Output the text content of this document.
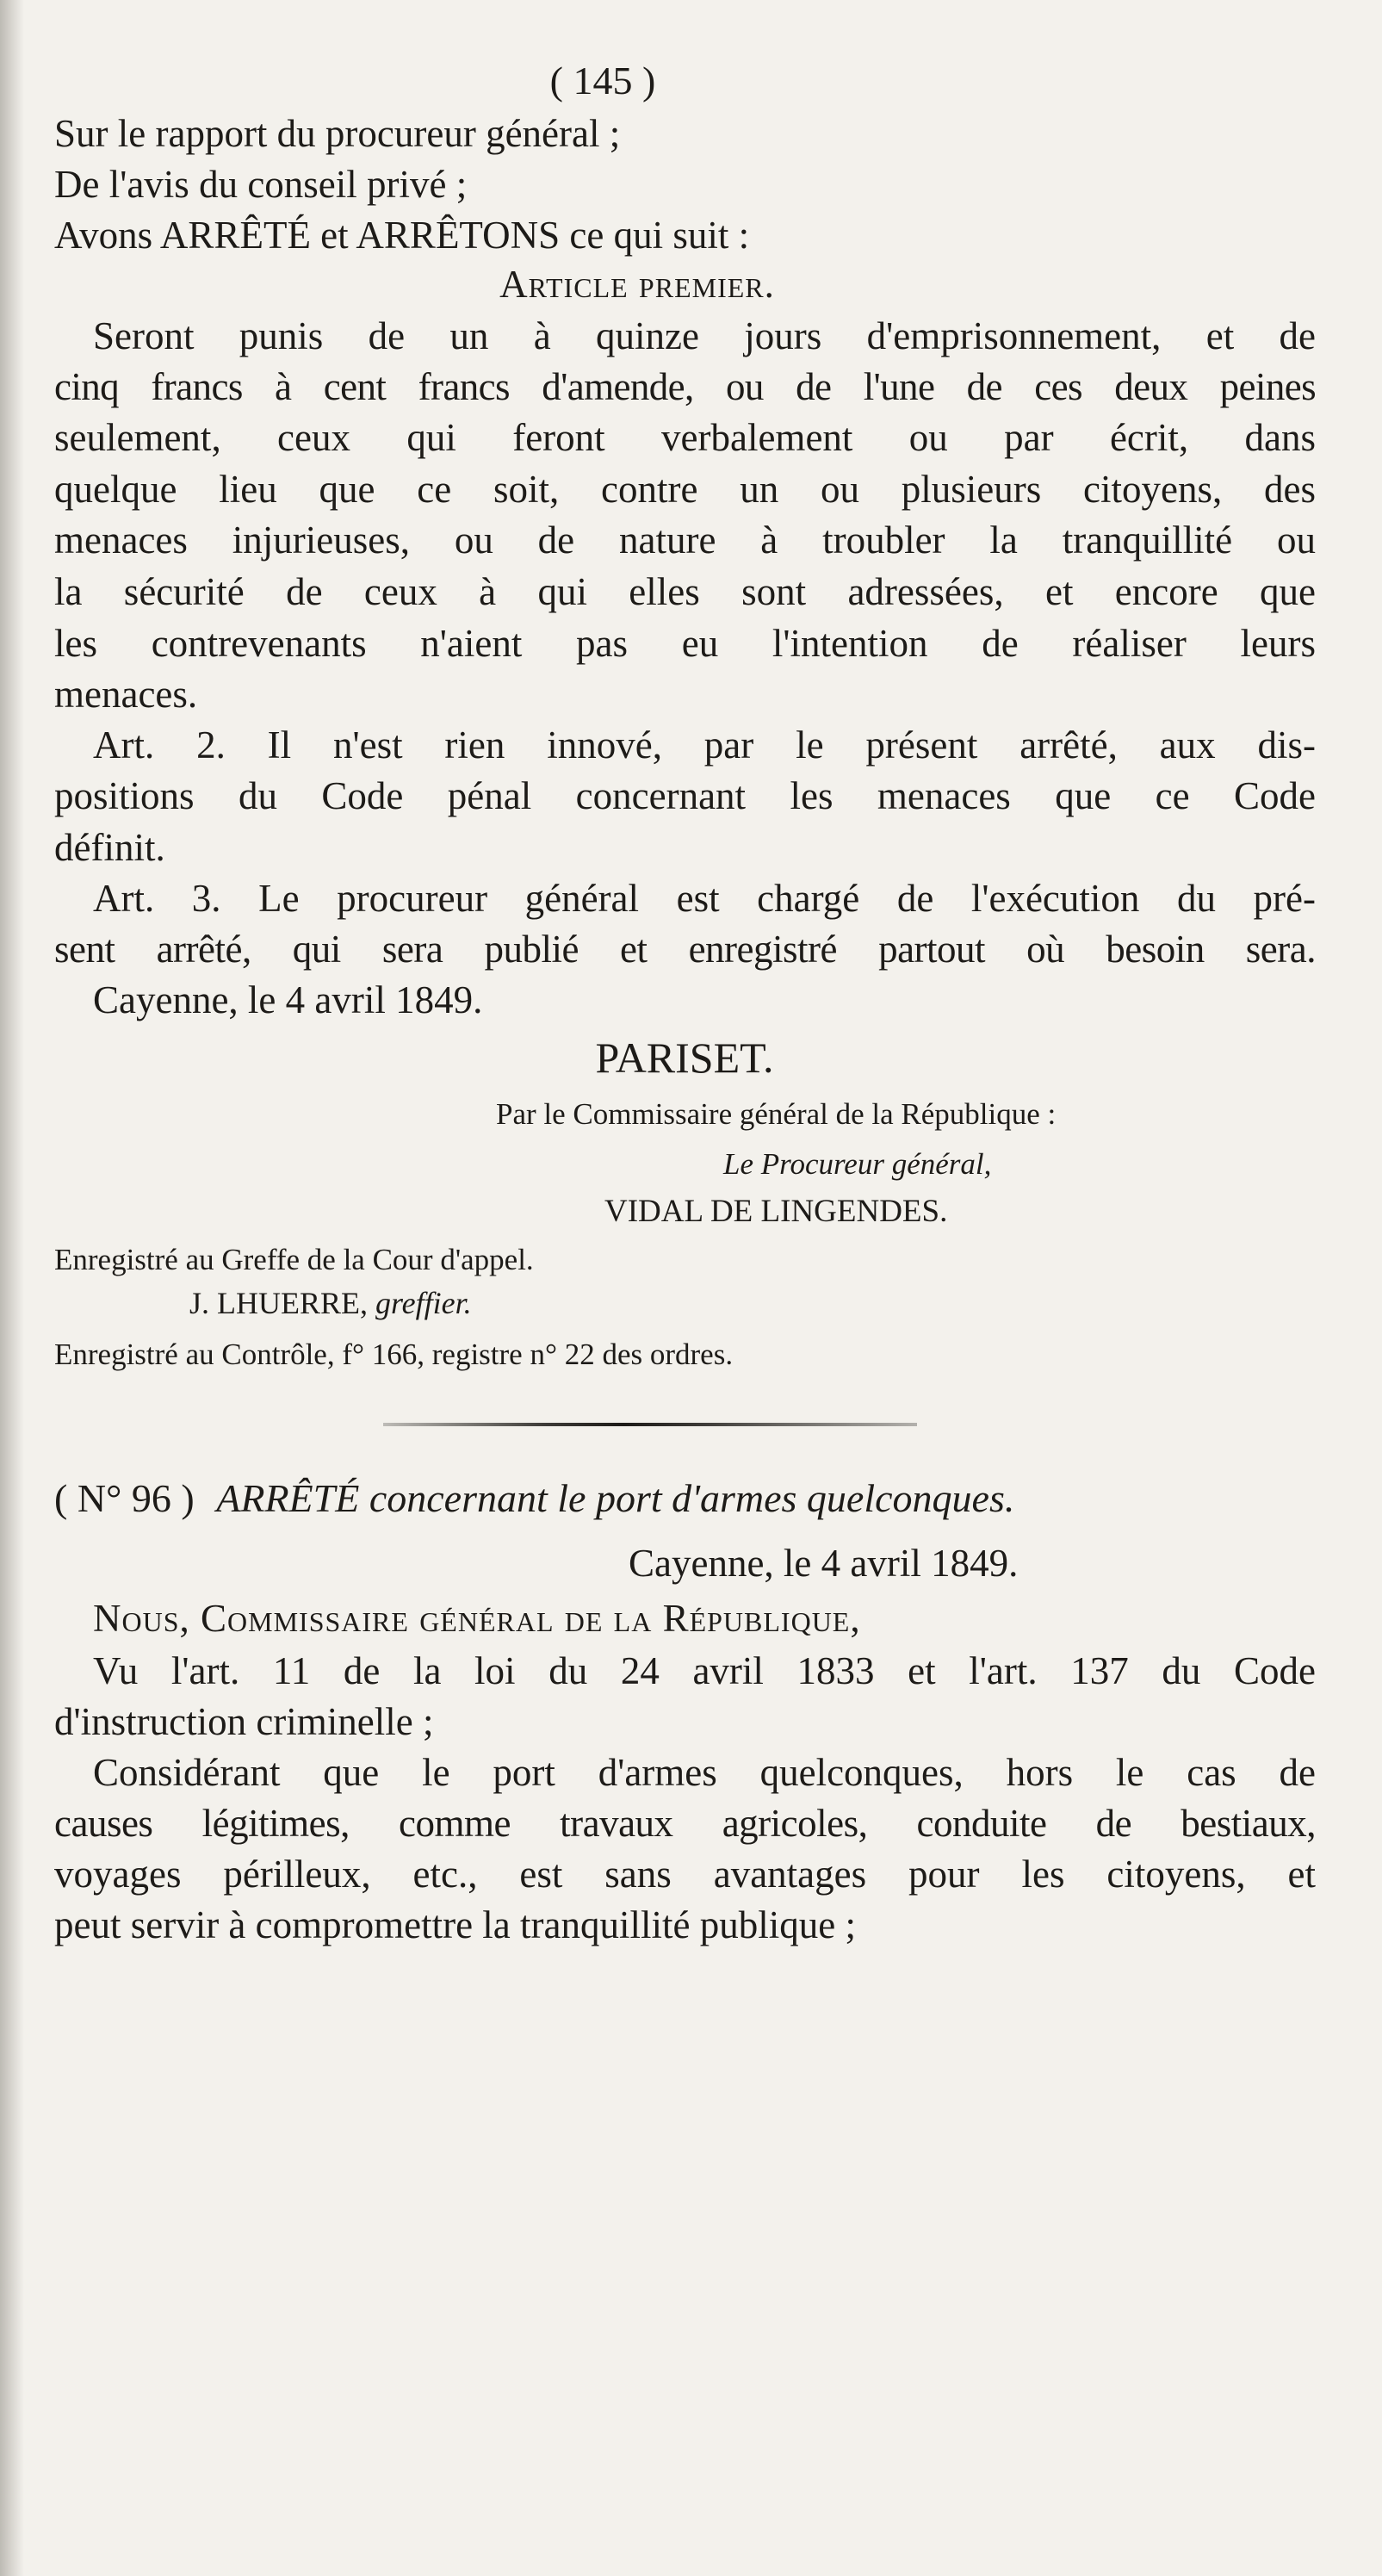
( 145 )
Sur le rapport du procureur général ;
De l'avis du conseil privé ;
Avons ARRÊTÉ et ARRÊTONS ce qui suit :
Article premier.
Seront punis de un à quinze jours d'emprisonnement, et de
cinq francs à cent francs d'amende, ou de l'une de ces deux peines
seulement, ceux qui feront verbalement ou par écrit, dans
quelque lieu que ce soit, contre un ou plusieurs citoyens, des
menaces injurieuses, ou de nature à troubler la tranquillité ou
la sécurité de ceux à qui elles sont adressées, et encore que
les contrevenants n'aient pas eu l'intention de réaliser leurs
menaces.
Art. 2. Il n'est rien innové, par le présent arrêté, aux dis-
positions du Code pénal concernant les menaces que ce Code
définit.
Art. 3. Le procureur général est chargé de l'exécution du pré-
sent arrêté, qui sera publié et enregistré partout où besoin sera.
Cayenne, le 4 avril 1849.
PARISET.
Par le Commissaire général de la République :
Le Procureur général,
VIDAL DE LINGENDES.
Enregistré au Greffe de la Cour d'appel.
J. LHUERRE, greffier.
Enregistré au Contrôle, f° 166, registre n° 22 des ordres.
( N° 96 ) ARRÊTÉ concernant le port d'armes quelconques.
Cayenne, le 4 avril 1849.
Nous, Commissaire général de la République,
Vu l'art. 11 de la loi du 24 avril 1833 et l'art. 137 du Code
d'instruction criminelle ;
Considérant que le port d'armes quelconques, hors le cas de
causes légitimes, comme travaux agricoles, conduite de bestiaux,
voyages périlleux, etc., est sans avantages pour les citoyens, et
peut servir à compromettre la tranquillité publique ;
